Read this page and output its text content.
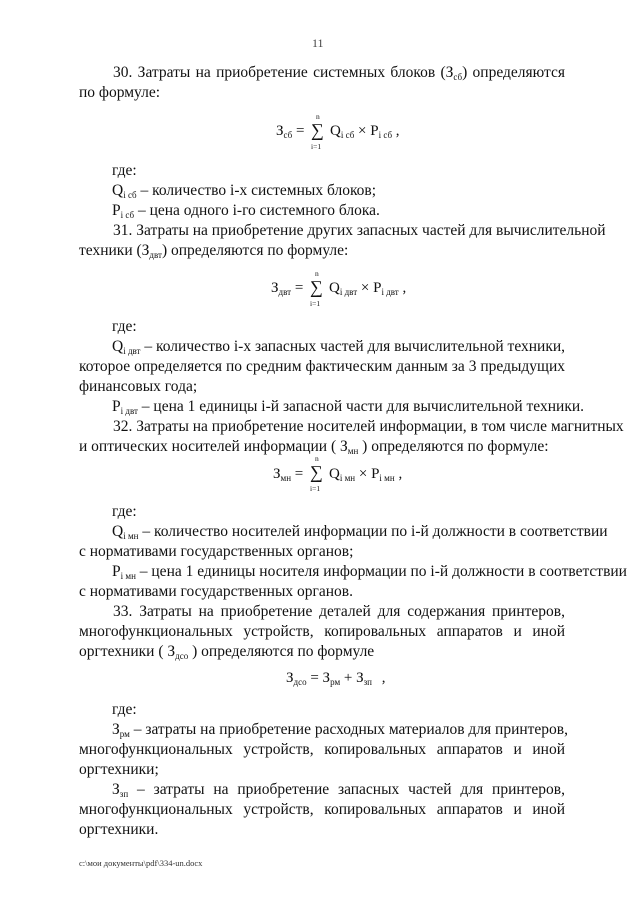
11
30. Затраты на приобретение системных блоков $(З_{сб})$ определяются
по формуле:
$З_{сб}$ =
n
∑
i=1
$Q_{i сб} \times P_{i сб}$ ,
где:
$Q_{i сб}$ – количество i-х системных блоков;
$P_{i сб}$ – цена одного i-го системного блока.
31. Затраты на приобретение других запасных частей для вычислительной
техники $(З_{двт})$ определяются по формуле:
$З_{двт}$ =
n
∑
i=1
$Q_{i двт} \times P_{i двт}$ ,
где:
$Q_{i двт}$ – количество i-х запасных частей для вычислительной техники,
которое определяется по средним фактическим данным за 3 предыдущих
финансовых года;
$P_{i двт}$ – цена 1 единицы i-й запасной части для вычислительной техники.
32. Затраты на приобретение носителей информации, в том числе магнитных
и оптических носителей информации ( $З_{мн}$ ) определяются по формуле:
$З_{мн}$ =
n
∑
i=1
$Q_{i мн} \times P_{i мн}$ ,
где:
$Q_{i мн}$ – количество носителей информации по i-й должности в соответствии
с нормативами государственных органов;
$P_{i мн}$ – цена 1 единицы носителя информации по i-й должности в соответствии
с нормативами государственных органов.
33. Затраты на приобретение деталей для содержания принтеров,
многофункциональных устройств, копировальных аппаратов и иной
оргтехники ( $З_{дсо}$ ) определяются по формуле
$З_{дсо} = З_{рм} + З_{зп}$ ,
где:
$З_{рм}$ – затраты на приобретение расходных материалов для принтеров,
многофункциональных устройств, копировальных аппаратов и иной
оргтехники;
$З_{зп}$ – затраты на приобретение запасных частей для принтеров,
многофункциональных устройств, копировальных аппаратов и иной
оргтехники.
c:\мои документы\pdf\334-un.docx
